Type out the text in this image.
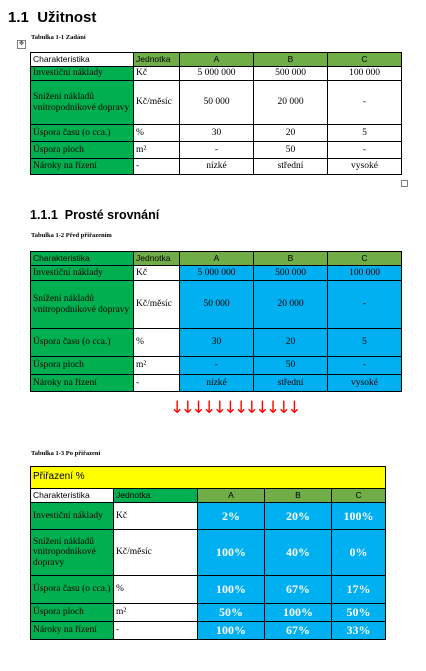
1.1 Užitnost
Tabulka 1-1 Zadání
✥
Charakteristika	Jednotka	A	B	C
Investiční náklady	Kč	5 000 000	500 000	100 000
Snížení nákladů vnitropodnikové dopravy	Kč/měsíc	50 000	20 000	-
Úspora času (o cca.)	%	30	20	5
Úspora ploch	m²	-	50	-
Nároky na řízení	-	nízké	střední	vysoké
1.1.1 Prosté srovnání
Tabulka 1-2 Před přiřazením
Charakteristika	Jednotka	A	B	C
Investiční náklady	Kč	5 000 000	500 000	100 000
Snížení nákladů vnitropodnikové dopravy	Kč/měsíc	50 000	20 000	-
Úspora času (o cca.)	%	30	20	5
Úspora ploch	m²	-	50	-
Nároky na řízení	-	nízké	střední	vysoké
↓↓↓↓↓↓↓↓↓↓↓↓
Tabulka 1-3 Po přiřazení
Přiřazení %				
Charakteristika	Jednotka	A	B	C
Investiční náklady	Kč	2%	20%	100%
Snížení nákladů vnitropodnikové dopravy	Kč/měsíc	100%	40%	0%
Úspora času (o cca.)	%	100%	67%	17%
Úspora ploch	m²	50%	100%	50%
Nároky na řízení	-	100%	67%	33%
